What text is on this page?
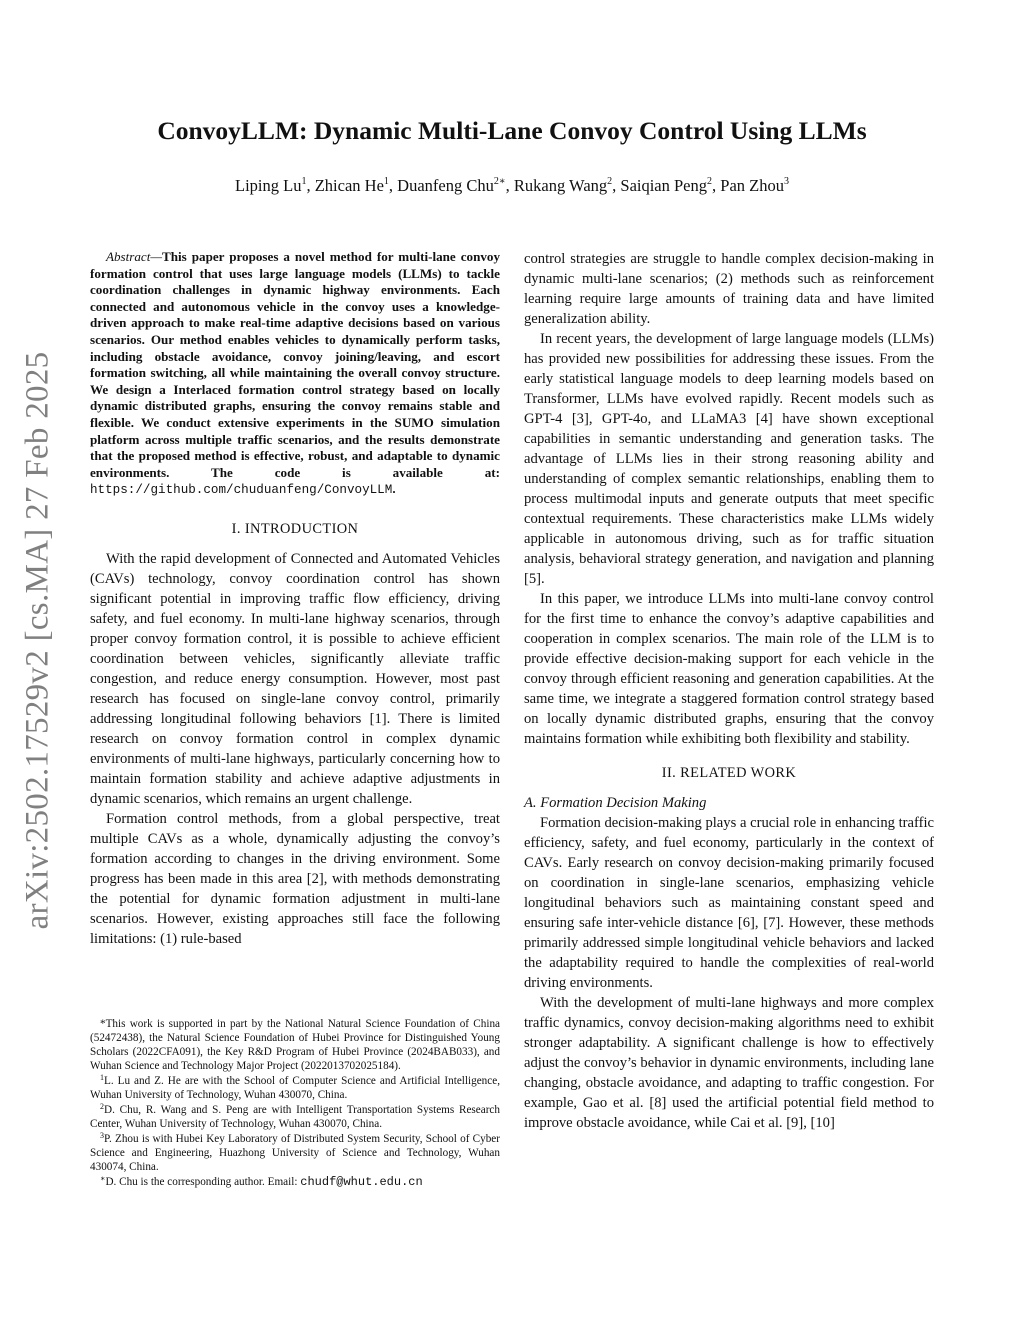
arXiv:2502.17529v2 [cs.MA] 27 Feb 2025
ConvoyLLM: Dynamic Multi-Lane Convoy Control Using LLMs
Liping Lu$^1$, Zhican He$^1$, Duanfeng Chu$^{2∗}$, Rukang Wang$^2$, Saiqian Peng$^2$, Pan Zhou$^3$

Abstract—This paper proposes a novel method for multi-lane convoy formation control that uses large language models (LLMs) to tackle coordination challenges in dynamic highway environments. Each connected and autonomous vehicle in the convoy uses a knowledge-driven approach to make real-time adaptive decisions based on various scenarios. Our method enables vehicles to dynamically perform tasks, including obstacle avoidance, convoy joining/leaving, and escort formation switching, all while maintaining the overall convoy structure. We design a Interlaced formation control strategy based on locally dynamic distributed graphs, ensuring the convoy remains stable and flexible. We conduct extensive experiments in the SUMO simulation platform across multiple traffic scenarios, and the results demonstrate that the proposed method is effective, robust, and adaptable to dynamic environments. The code is available at: https://github.com/chuduanfeng/ConvoyLLM.

I. INTRODUCTION

With the rapid development of Connected and Automated Vehicles (CAVs) technology, convoy coordination control has shown significant potential in improving traffic flow efficiency, driving safety, and fuel economy. In multi-lane highway scenarios, through proper convoy formation control, it is possible to achieve efficient coordination between vehicles, significantly alleviate traffic congestion, and reduce energy consumption. However, most past research has focused on single-lane convoy control, primarily addressing longitudinal following behaviors [1]. There is limited research on convoy formation control in complex dynamic environments of multi-lane highways, particularly concerning how to maintain formation stability and achieve adaptive adjustments in dynamic scenarios, which remains an urgent challenge.

Formation control methods, from a global perspective, treat multiple CAVs as a whole, dynamically adjusting the convoy’s formation according to changes in the driving environment. Some progress has been made in this area [2], with methods demonstrating the potential for dynamic formation adjustment in multi-lane scenarios. However, existing approaches still face the following limitations: (1) rule-based

*This work is supported in part by the National Natural Science Foundation of China (52472438), the Natural Science Foundation of Hubei Province for Distinguished Young Scholars (2022CFA091), the Key R&D Program of Hubei Province (2024BAB033), and Wuhan Science and Technology Major Project (2022013702025184).

$^1$L. Lu and Z. He are with the School of Computer Science and Artificial Intelligence, Wuhan University of Technology, Wuhan 430070, China.

$^2$D. Chu, R. Wang and S. Peng are with Intelligent Transportation Systems Research Center, Wuhan University of Technology, Wuhan 430070, China.

$^3$P. Zhou is with Hubei Key Laboratory of Distributed System Security, School of Cyber Science and Engineering, Huazhong University of Science and Technology, Wuhan 430074, China.

∗D. Chu is the corresponding author. Email: chudf@whut.edu.cn

control strategies are struggle to handle complex decision-making in dynamic multi-lane scenarios; (2) methods such as reinforcement learning require large amounts of training data and have limited generalization ability.

In recent years, the development of large language models (LLMs) has provided new possibilities for addressing these issues. From the early statistical language models to deep learning models based on Transformer, LLMs have evolved rapidly. Recent models such as GPT-4 [3], GPT-4o, and LLaMA3 [4] have shown exceptional capabilities in semantic understanding and generation tasks. The advantage of LLMs lies in their strong reasoning ability and understanding of complex semantic relationships, enabling them to process multimodal inputs and generate outputs that meet specific contextual requirements. These characteristics make LLMs widely applicable in autonomous driving, such as for traffic situation analysis, behavioral strategy generation, and navigation and planning [5].

In this paper, we introduce LLMs into multi-lane convoy control for the first time to enhance the convoy’s adaptive capabilities and cooperation in complex scenarios. The main role of the LLM is to provide effective decision-making support for each vehicle in the convoy through efficient reasoning and generation capabilities. At the same time, we integrate a staggered formation control strategy based on locally dynamic distributed graphs, ensuring that the convoy maintains formation while exhibiting both flexibility and stability.

II. RELATED WORK

A. Formation Decision Making

Formation decision-making plays a crucial role in enhancing traffic efficiency, safety, and fuel economy, particularly in the context of CAVs. Early research on convoy decision-making primarily focused on coordination in single-lane scenarios, emphasizing vehicle longitudinal behaviors such as maintaining constant speed and ensuring safe inter-vehicle distance [6], [7]. However, these methods primarily addressed simple longitudinal vehicle behaviors and lacked the adaptability required to handle the complexities of real-world driving environments.

With the development of multi-lane highways and more complex traffic dynamics, convoy decision-making algorithms need to exhibit stronger adaptability. A significant challenge is how to effectively adjust the convoy’s behavior in dynamic environments, including lane changing, obstacle avoidance, and adapting to traffic congestion. For example, Gao et al. [8] used the artificial potential field method to improve obstacle avoidance, while Cai et al. [9], [10]
